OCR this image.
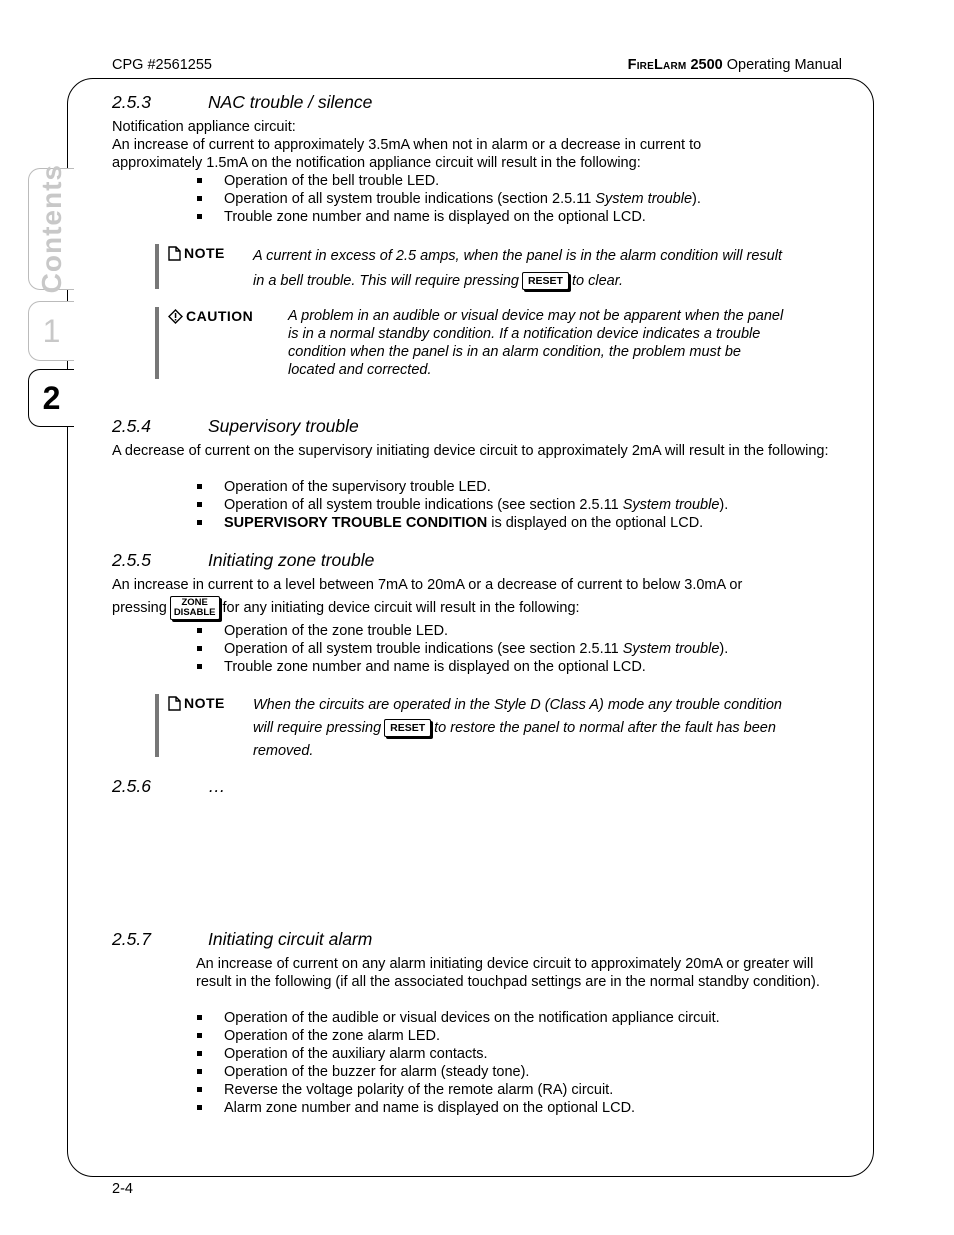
CPG #2561255	FireLarm 2500 Operating Manual
Contents
1
2
2.5.3	NAC trouble / silence
Notification appliance circuit:
An increase of current to approximately 3.5mA when not in alarm or a decrease in current to approximately 1.5mA on the notification appliance circuit will result in the following:
Operation of the bell trouble LED.
Operation of all system trouble indications (section 2.5.11 System trouble).
Trouble zone number and name is displayed on the optional LCD.
NOTE A current in excess of 2.5 amps, when the panel is in the alarm condition will result in a bell trouble. This will require pressing RESET to clear.
CAUTION A problem in an audible or visual device may not be apparent when the panel is in a normal standby condition. If a notification device indicates a trouble condition when the panel is in an alarm condition, the problem must be located and corrected.
2.5.4	Supervisory trouble
A decrease of current on the supervisory initiating device circuit to approximately 2mA will result in the following:
Operation of the supervisory trouble LED.
Operation of all system trouble indications (see section 2.5.11 System trouble).
SUPERVISORY TROUBLE CONDITION is displayed on the optional LCD.
2.5.5	Initiating zone trouble
An increase in current to a level between 7mA to 20mA or a decrease of current to below 3.0mA or
pressing ZONE
DISABLE for any initiating device circuit will result in the following:
Operation of the zone trouble LED.
Operation of all system trouble indications (see section 2.5.11 System trouble).
Trouble zone number and name is displayed on the optional LCD.
NOTE When the circuits are operated in the Style D (Class A) mode any trouble condition will require pressing RESET to restore the panel to normal after the fault has been removed.
2.5.6	…
2.5.7	Initiating circuit alarm
An increase of current on any alarm initiating device circuit to approximately 20mA or greater will result in the following (if all the associated touchpad settings are in the normal standby condition).
Operation of the audible or visual devices on the notification appliance circuit.
Operation of the zone alarm LED.
Operation of the auxiliary alarm contacts.
Operation of the buzzer for alarm (steady tone).
Reverse the voltage polarity of the remote alarm (RA) circuit.
Alarm zone number and name is displayed on the optional LCD.
2-4
